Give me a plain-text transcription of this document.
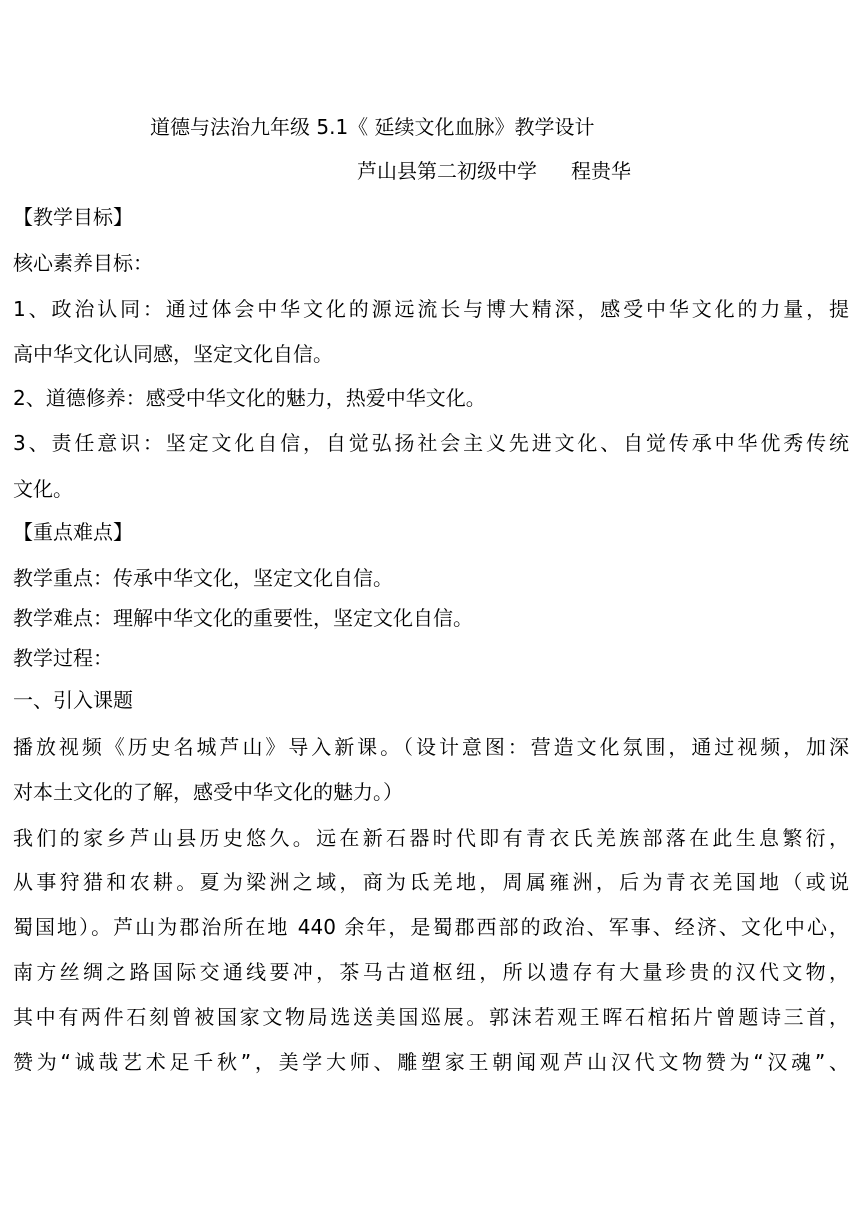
道德与法治九年级 5.1《 延续文化血脉》教学设计
芦山县第二初级中学 程贵华
【教学目标】
核心素养目标：
1、政治认同：通过体会中华文化的源远流长与博大精深，感受中华文化的力量，提
高中华文化认同感，坚定文化自信。
2、道德修养：感受中华文化的魅力，热爱中华文化。
3、责任意识：坚定文化自信，自觉弘扬社会主义先进文化、自觉传承中华优秀传统
文化。
【重点难点】
教学重点：传承中华文化，坚定文化自信。
教学难点：理解中华文化的重要性，坚定文化自信。
教学过程：
一、引入课题
播放视频《历史名城芦山》导入新课。（设计意图：营造文化氛围，通过视频，加深
对本土文化的了解，感受中华文化的魅力。）
我们的家乡芦山县历史悠久。远在新石器时代即有青衣氏羌族部落在此生息繁衍，
从事狩猎和农耕。夏为梁洲之域，商为氐羌地，周属雍洲，后为青衣羌国地（或说
蜀国地）。芦山为郡治所在地 440 余年，是蜀郡西部的政治、军事、经济、文化中心，
南方丝绸之路国际交通线要冲，茶马古道枢纽，所以遗存有大量珍贵的汉代文物，
其中有两件石刻曾被国家文物局选送美国巡展。郭沫若观王晖石棺拓片曾题诗三首，
赞为“诚哉艺术足千秋”，美学大师、雕塑家王朝闻观芦山汉代文物赞为“汉魂”、
